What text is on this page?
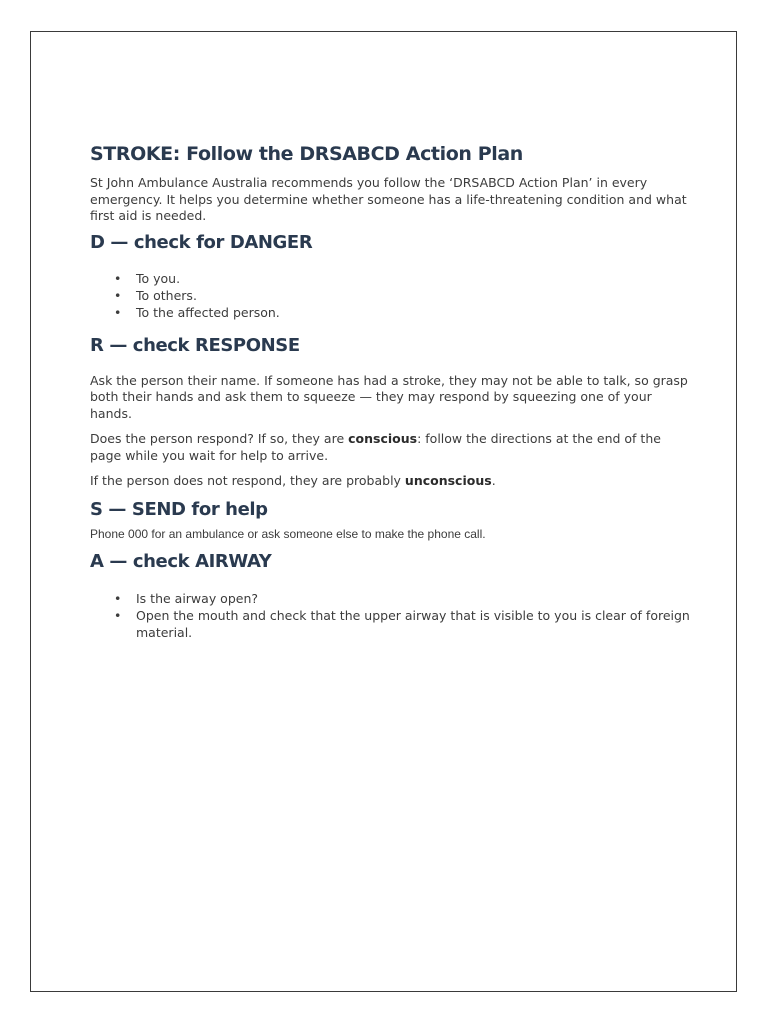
STROKE: Follow the DRSABCD Action Plan

St John Ambulance Australia recommends you follow the ‘DRSABCD Action Plan’ in every emergency. It helps you determine whether someone has a life-threatening condition and what first aid is needed.

D — check for DANGER
• To you.
• To others.
• To the affected person.
R — check RESPONSE

Ask the person their name. If someone has had a stroke, they may not be able to talk, so grasp both their hands and ask them to squeeze — they may respond by squeezing one of your hands.

Does the person respond? If so, they are conscious: follow the directions at the end of the page while you wait for help to arrive.

If the person does not respond, they are probably unconscious.

S — SEND for help

Phone 000 for an ambulance or ask someone else to make the phone call.

A — check AIRWAY
• Is the airway open?
• Open the mouth and check that the upper airway that is visible to you is clear of foreign material.
